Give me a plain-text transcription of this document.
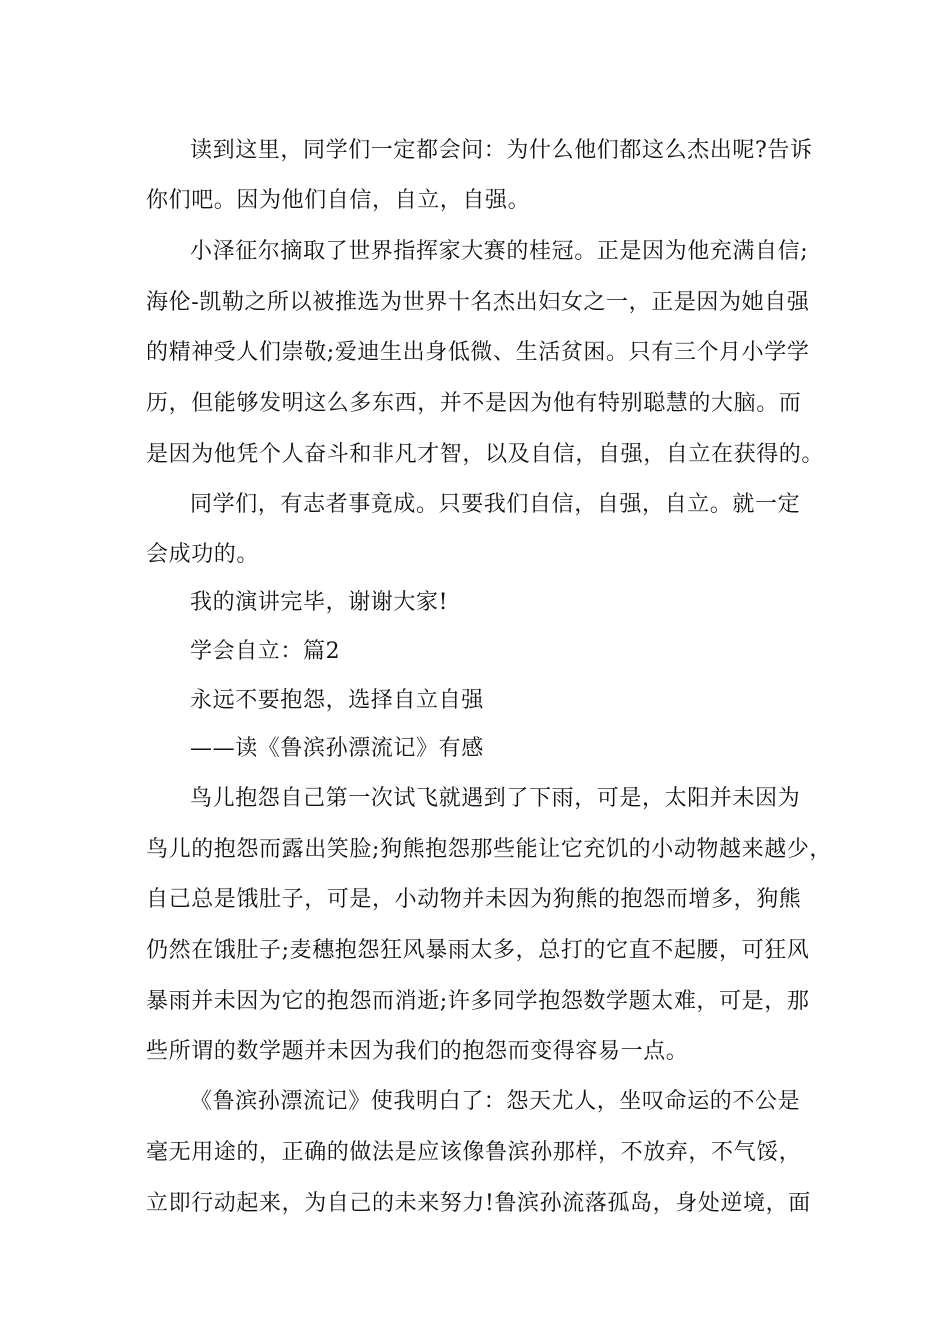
读到这里，同学们一定都会问：为什么他们都这么杰出呢?告诉
你们吧。因为他们自信，自立，自强。
小泽征尔摘取了世界指挥家大赛的桂冠。正是因为他充满自信;
海伦-凯勒之所以被推选为世界十名杰出妇女之一，正是因为她自强
的精神受人们崇敬;爱迪生出身低微、生活贫困。只有三个月小学学
历，但能够发明这么多东西，并不是因为他有特别聪慧的大脑。而
是因为他凭个人奋斗和非凡才智，以及自信，自强，自立在获得的。
同学们，有志者事竟成。只要我们自信，自强，自立。就一定
会成功的。
我的演讲完毕，谢谢大家!
学会自立：篇2
永远不要抱怨，选择自立自强
——读《鲁滨孙漂流记》有感
鸟儿抱怨自己第一次试飞就遇到了下雨，可是，太阳并未因为
鸟儿的抱怨而露出笑脸;狗熊抱怨那些能让它充饥的小动物越来越少，
自己总是饿肚子，可是，小动物并未因为狗熊的抱怨而增多，狗熊
仍然在饿肚子;麦穗抱怨狂风暴雨太多，总打的它直不起腰，可狂风
暴雨并未因为它的抱怨而消逝;许多同学抱怨数学题太难，可是，那
些所谓的数学题并未因为我们的抱怨而变得容易一点。
《鲁滨孙漂流记》使我明白了：怨天尤人，坐叹命运的不公是
毫无用途的，正确的做法是应该像鲁滨孙那样，不放弃，不气馁，
立即行动起来，为自己的未来努力!鲁滨孙流落孤岛，身处逆境，面
